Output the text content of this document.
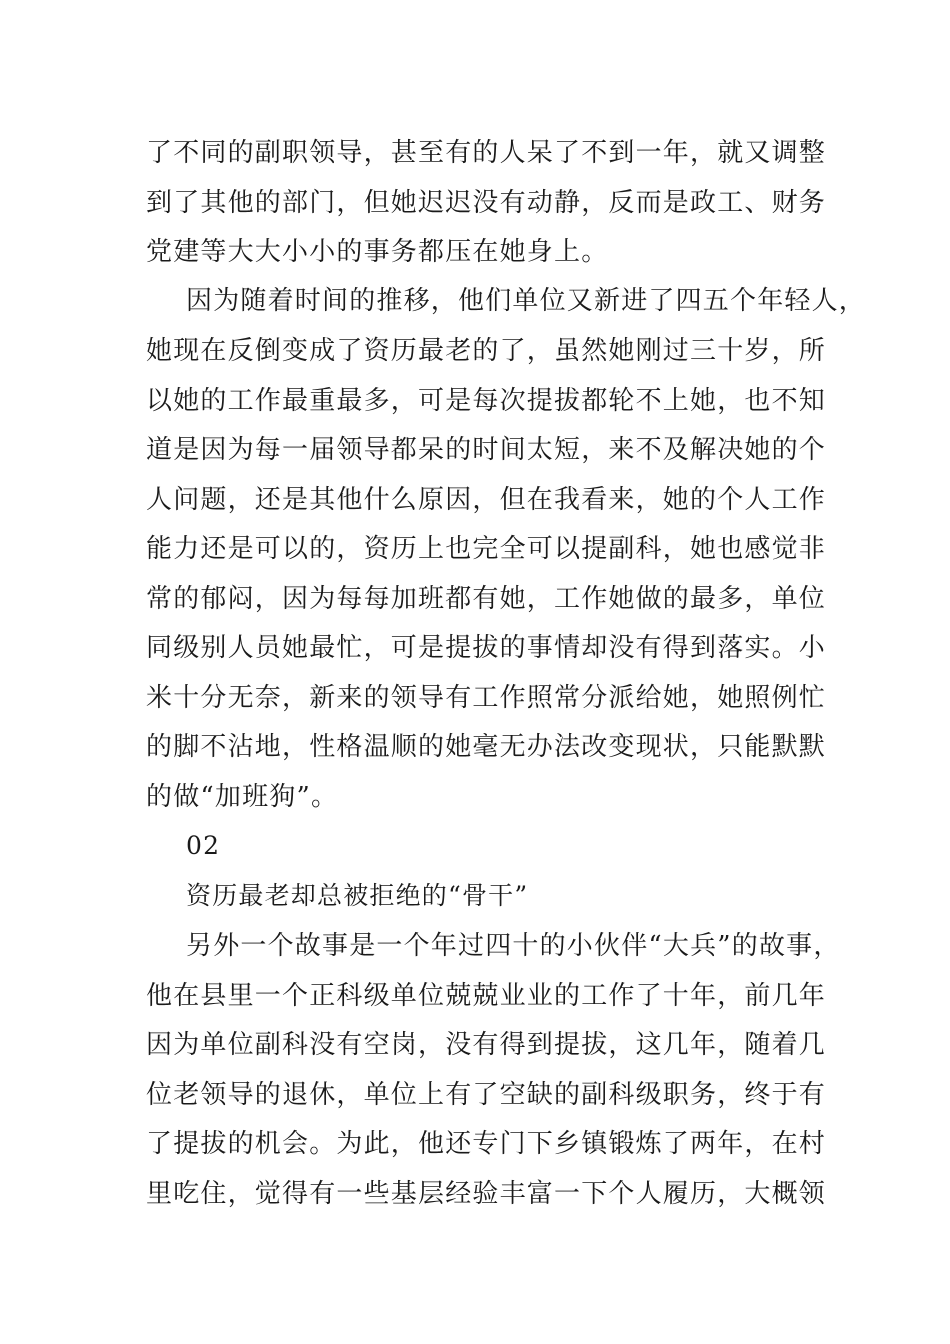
了不同的副职领导，甚至有的人呆了不到一年，就又调整
到了其他的部门，但她迟迟没有动静，反而是政工、财务
党建等大大小小的事务都压在她身上。
因为随着时间的推移，他们单位又新进了四五个年轻人，
她现在反倒变成了资历最老的了，虽然她刚过三十岁，所
以她的工作最重最多，可是每次提拔都轮不上她，也不知
道是因为每一届领导都呆的时间太短，来不及解决她的个
人问题，还是其他什么原因，但在我看来，她的个人工作
能力还是可以的，资历上也完全可以提副科，她也感觉非
常的郁闷，因为每每加班都有她，工作她做的最多，单位
同级别人员她最忙，可是提拔的事情却没有得到落实。小
米十分无奈，新来的领导有工作照常分派给她，她照例忙
的脚不沾地，性格温顺的她毫无办法改变现状，只能默默
的做“加班狗”。
02
资历最老却总被拒绝的“骨干”
另外一个故事是一个年过四十的小伙伴“大兵”的故事，
他在县里一个正科级单位兢兢业业的工作了十年，前几年
因为单位副科没有空岗，没有得到提拔，这几年，随着几
位老领导的退休，单位上有了空缺的副科级职务，终于有
了提拔的机会。为此，他还专门下乡镇锻炼了两年，在村
里吃住，觉得有一些基层经验丰富一下个人履历，大概领
